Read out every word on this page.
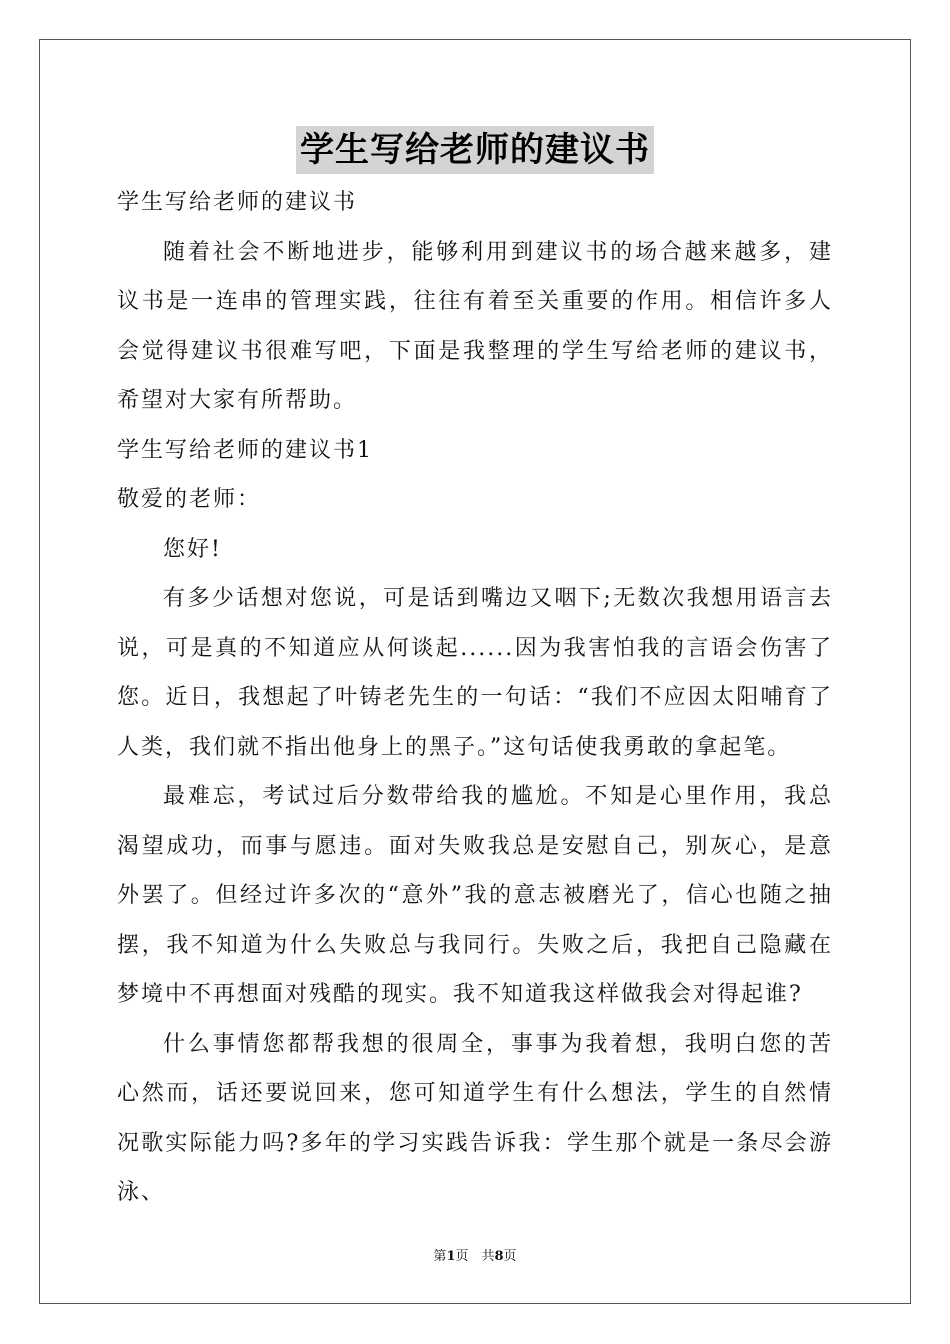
学生写给老师的建议书

学生写给老师的建议书

随着社会不断地进步，能够利用到建议书的场合越来越多，建议书是一连串的管理实践，往往有着至关重要的作用。相信许多人会觉得建议书很难写吧，下面是我整理的学生写给老师的建议书，希望对大家有所帮助。

学生写给老师的建议书1

敬爱的老师：

您好!

有多少话想对您说，可是话到嘴边又咽下;无数次我想用语言去说，可是真的不知道应从何谈起......因为我害怕我的言语会伤害了您。近日，我想起了叶铸老先生的一句话：“我们不应因太阳哺育了人类，我们就不指出他身上的黑子。”这句话使我勇敢的拿起笔。

最难忘，考试过后分数带给我的尴尬。不知是心里作用，我总渴望成功，而事与愿违。面对失败我总是安慰自己，别灰心，是意外罢了。但经过许多次的“意外”我的意志被磨光了，信心也随之抽摆，我不知道为什么失败总与我同行。失败之后，我把自己隐藏在梦境中不再想面对残酷的现实。我不知道我这样做我会对得起谁?

什么事情您都帮我想的很周全，事事为我着想，我明白您的苦心然而，话还要说回来，您可知道学生有什么想法，学生的自然情况歌实际能力吗?多年的学习实践告诉我：学生那个就是一条尽会游泳、

第1页　共8页
